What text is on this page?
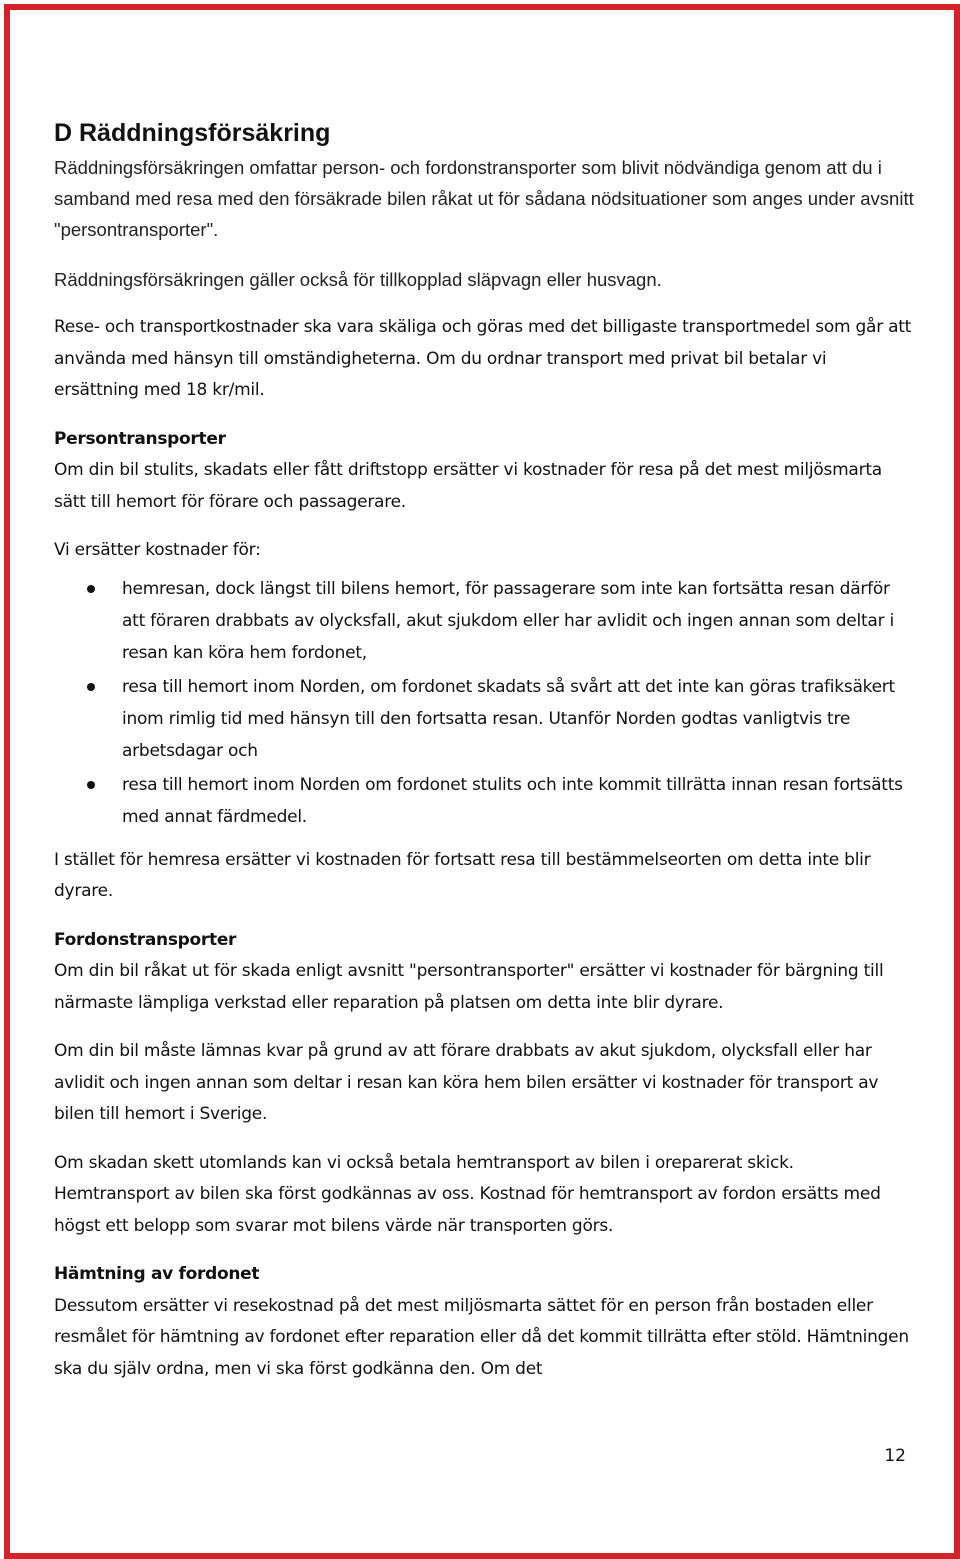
D Räddningsförsäkring

Räddningsförsäkringen omfattar person- och fordonstransporter som blivit nödvändiga genom att du i samband med resa med den försäkrade bilen råkat ut för sådana nödsituationer som anges under avsnitt "persontransporter".

Räddningsförsäkringen gäller också för tillkopplad släpvagn eller husvagn.

Rese- och transportkostnader ska vara skäliga och göras med det billigaste transportmedel som går att använda med hänsyn till omständigheterna. Om du ordnar transport med privat bil betalar vi ersättning med 18 kr/mil.

Persontransporter

Om din bil stulits, skadats eller fått driftstopp ersätter vi kostnader för resa på det mest miljösmarta sätt till hemort för förare och passagerare.

Vi ersätter kostnader för:

hemresan, dock längst till bilens hemort, för passagerare som inte kan fortsätta resan därför att föraren drabbats av olycksfall, akut sjukdom eller har avlidit och ingen annan som deltar i resan kan köra hem fordonet,
resa till hemort inom Norden, om fordonet skadats så svårt att det inte kan göras trafiksäkert inom rimlig tid med hänsyn till den fortsatta resan. Utanför Norden godtas vanligtvis tre arbetsdagar och
resa till hemort inom Norden om fordonet stulits och inte kommit tillrätta innan resan fortsätts med annat färdmedel.

I stället för hemresa ersätter vi kostnaden för fortsatt resa till bestämmelseorten om detta inte blir dyrare.

Fordonstransporter

Om din bil råkat ut för skada enligt avsnitt "persontransporter" ersätter vi kostnader för bärgning till närmaste lämpliga verkstad eller reparation på platsen om detta inte blir dyrare.

Om din bil måste lämnas kvar på grund av att förare drabbats av akut sjukdom, olycksfall eller har avlidit och ingen annan som deltar i resan kan köra hem bilen ersätter vi kostnader för transport av bilen till hemort i Sverige.

Om skadan skett utomlands kan vi också betala hemtransport av bilen i oreparerat skick. Hemtransport av bilen ska först godkännas av oss. Kostnad för hemtransport av fordon ersätts med högst ett belopp som svarar mot bilens värde när transporten görs.

Hämtning av fordonet

Dessutom ersätter vi resekostnad på det mest miljösmarta sättet för en person från bostaden eller resmålet för hämtning av fordonet efter reparation eller då det kommit tillrätta efter stöld. Hämtningen ska du själv ordna, men vi ska först godkänna den. Om det

12
